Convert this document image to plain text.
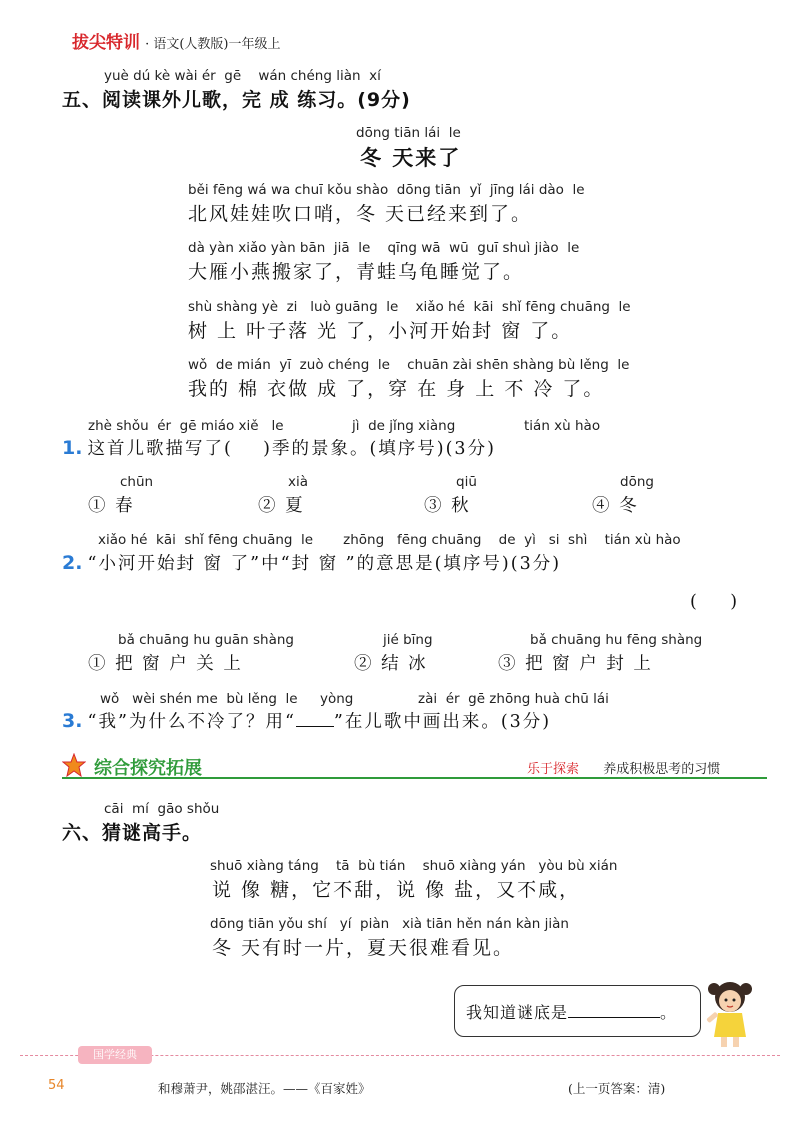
拔尖特训 · 语文(人教版)一年级上
yuè dú kè wài ér  gē    wán chéng liàn  xí
五、阅读课外儿歌，完 成 练习。(9分)
dōng tiān lái  le
冬 天来了
běi fēng wá wa chuī kǒu shào  dōng tiān  yǐ  jīng lái dào  le
北风娃娃吹口哨，冬 天已经来到了。
dà yàn xiǎo yàn bān  jiā  le    qīng wā  wū  guī shuì jiào  le
大雁小燕搬家了，青蛙乌龟睡觉了。
shù shàng yè  zi   luò guāng  le    xiǎo hé  kāi  shǐ fēng chuāng  le
树 上 叶子落 光 了，小河开始封 窗 了。
wǒ  de mián  yī  zuò chéng  le    chuān zài shēn shàng bù lěng  le
我的 棉 衣做 成 了，穿 在 身 上 不 冷 了。
zhè shǒu  ér  gē miáo xiě   le	jì  de jǐng xiàng	tián xù hào
1. 这首儿歌描写了(    )季的景象。(填序号)(3分)
chūn
① 春
xià
② 夏
qiū
③ 秋
dōng
④ 冬
xiǎo hé  kāi  shǐ fēng chuāng  le       zhōng   fēng chuāng    de  yì   si  shì    tián xù hào
2. “小河开始封 窗 了”中“封 窗 ”的意思是(填序号)(3分)
(      )
bǎ chuāng hu guān shàng
① 把 窗 户 关 上
jié bīng
② 结 冰
bǎ chuāng hu fēng shàng
③ 把 窗 户 封 上
wǒ   wèi shén me  bù lěng  le yòng	zài  ér  gē zhōng huà chū lái
3. “我”为什么不冷了？用“ ”在儿歌中画出来。(3分)
综合探究拓展	乐于探索 养成积极思考的习惯
cāi  mí  gāo shǒu
六、猜谜高手。
shuō xiàng táng    tā  bù tián    shuō xiàng yán   yòu bù xián
说 像 糖，它不甜，说 像 盐，又不咸，
dōng tiān yǒu shí   yí  piàn   xià tiān hěn nán kàn jiàn
冬 天有时一片，夏天很难看见。
我知道谜底是	。
国学经典
54	和穆萧尹，姚邵湛汪。——《百家姓》	(上一页答案：清)
